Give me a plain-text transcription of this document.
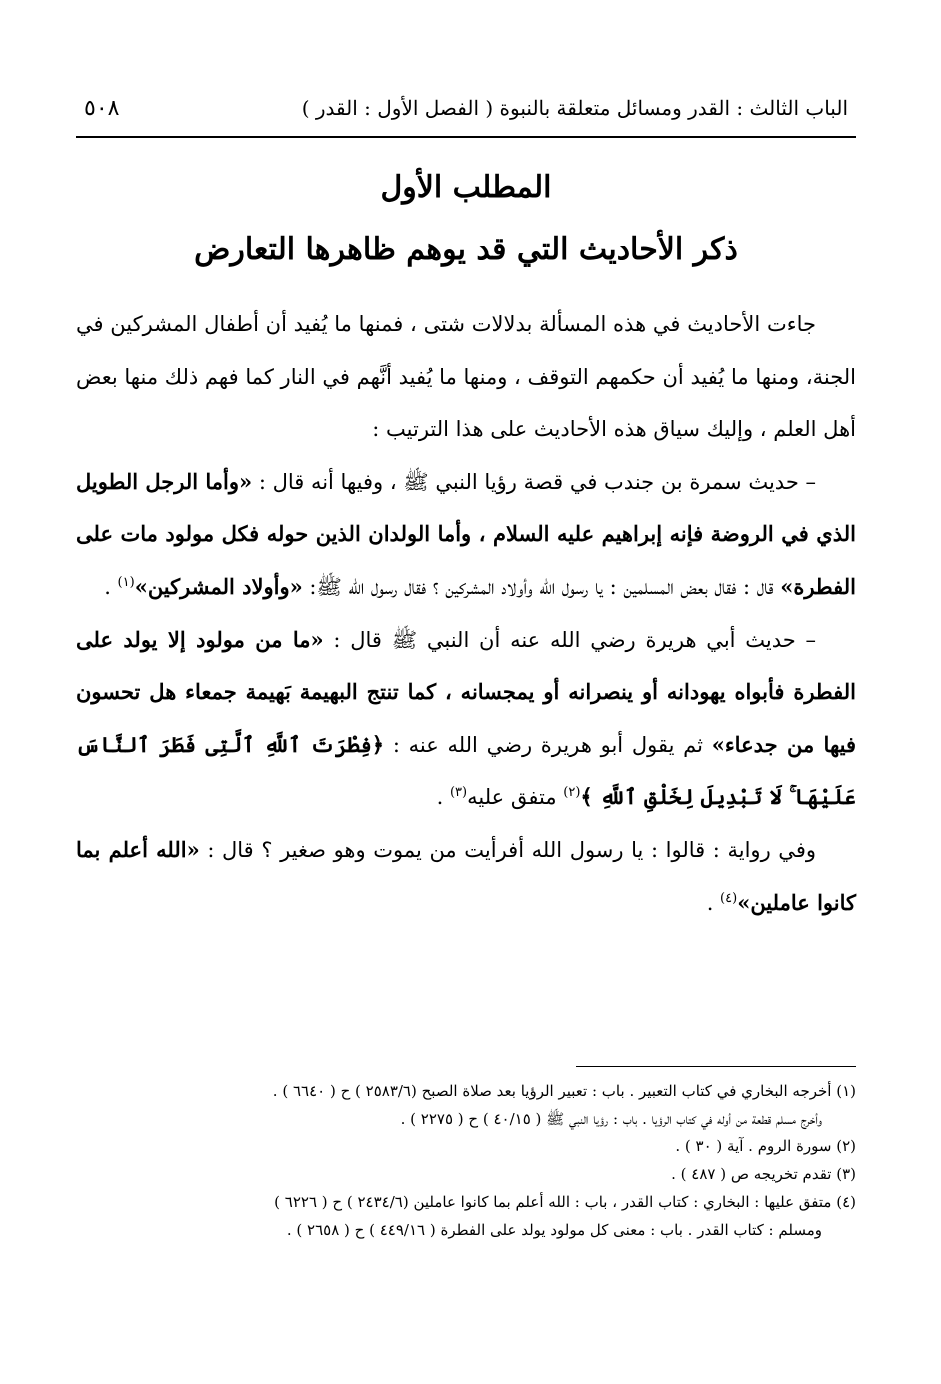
الباب الثالث : القدر ومسائل متعلقة بالنبوة ( الفصل الأول : القدر )
٥٠٨
المطلب الأول
ذكر الأحاديث التي قد يوهم ظاهرها التعارض

جاءت الأحاديث في هذه المسألة بدلالات شتى ، فمنها ما يُفيد أن أطفال المشركين في الجنة، ومنها ما يُفيد أن حكمهم التوقف ، ومنها ما يُفيد أنَّهم في النار كما فهم ذلك منها بعض أهل العلم ، وإليك سياق هذه الأحاديث على هذا الترتيب :

– حديث سمرة بن جندب في قصة رؤيا النبي ﷺ ، وفيها أنه قال : «وأما الرجل الطويل الذي في الروضة فإنه إبراهيم عليه السلام ، وأما الولدان الذين حوله فكل مولود مات على الفطرة» قال : فقال بعض المسلمين : يا رسول الله وأولاد المشركين ؟ فقال رسول الله ﷺ: «وأولاد المشركين»$^{(١)}$ .

– حديث أبي هريرة رضي الله عنه أن النبي ﷺ قال : «ما من مولود إلا يولد على الفطرة فأبواه يهودانه أو ينصرانه أو يمجسانه ، كما تنتج البهيمة بَهيمة جمعاء هل تحسون فيها من جدعاء» ثم يقول أبو هريرة رضي الله عنه : ﴿فِطْرَتَ ٱللَّهِ ٱلَّتِى فَطَرَ ٱلنَّاسَ عَلَيْهَا ۚ لَا تَبْدِيلَ لِخَلْقِ ٱللَّهِ ﴾$^{(٢)}$ متفق عليه$^{(٣)}$ .

وفي رواية : قالوا : يا رسول الله أفرأيت من يموت وهو صغير ؟ قال : «الله أعلم بما كانوا عاملين»$^{(٤)}$ .

(١) أخرجه البخاري في كتاب التعبير . باب : تعبير الرؤيا بعد صلاة الصبح (٢٥٨٣/٦ ) ح ( ٦٦٤٠ ) .

وأخرج مسلم قطعة من أوله في كتاب الرؤيا . باب : رؤيا النبي ﷺ ( ٤٠/١٥ ) ح ( ٢٢٧٥ ) .

(٢) سورة الروم . آية ( ٣٠ ) .

(٣) تقدم تخريجه ص ( ٤٨٧ ) .

(٤) متفق عليها : البخاري : كتاب القدر ، باب : الله أعلم بما كانوا عاملين (٢٤٣٤/٦ ) ح ( ٦٢٢٦ )

ومسلم : كتاب القدر . باب : معنى كل مولود يولد على الفطرة ( ٤٤٩/١٦ ) ح ( ٢٦٥٨ ) .
